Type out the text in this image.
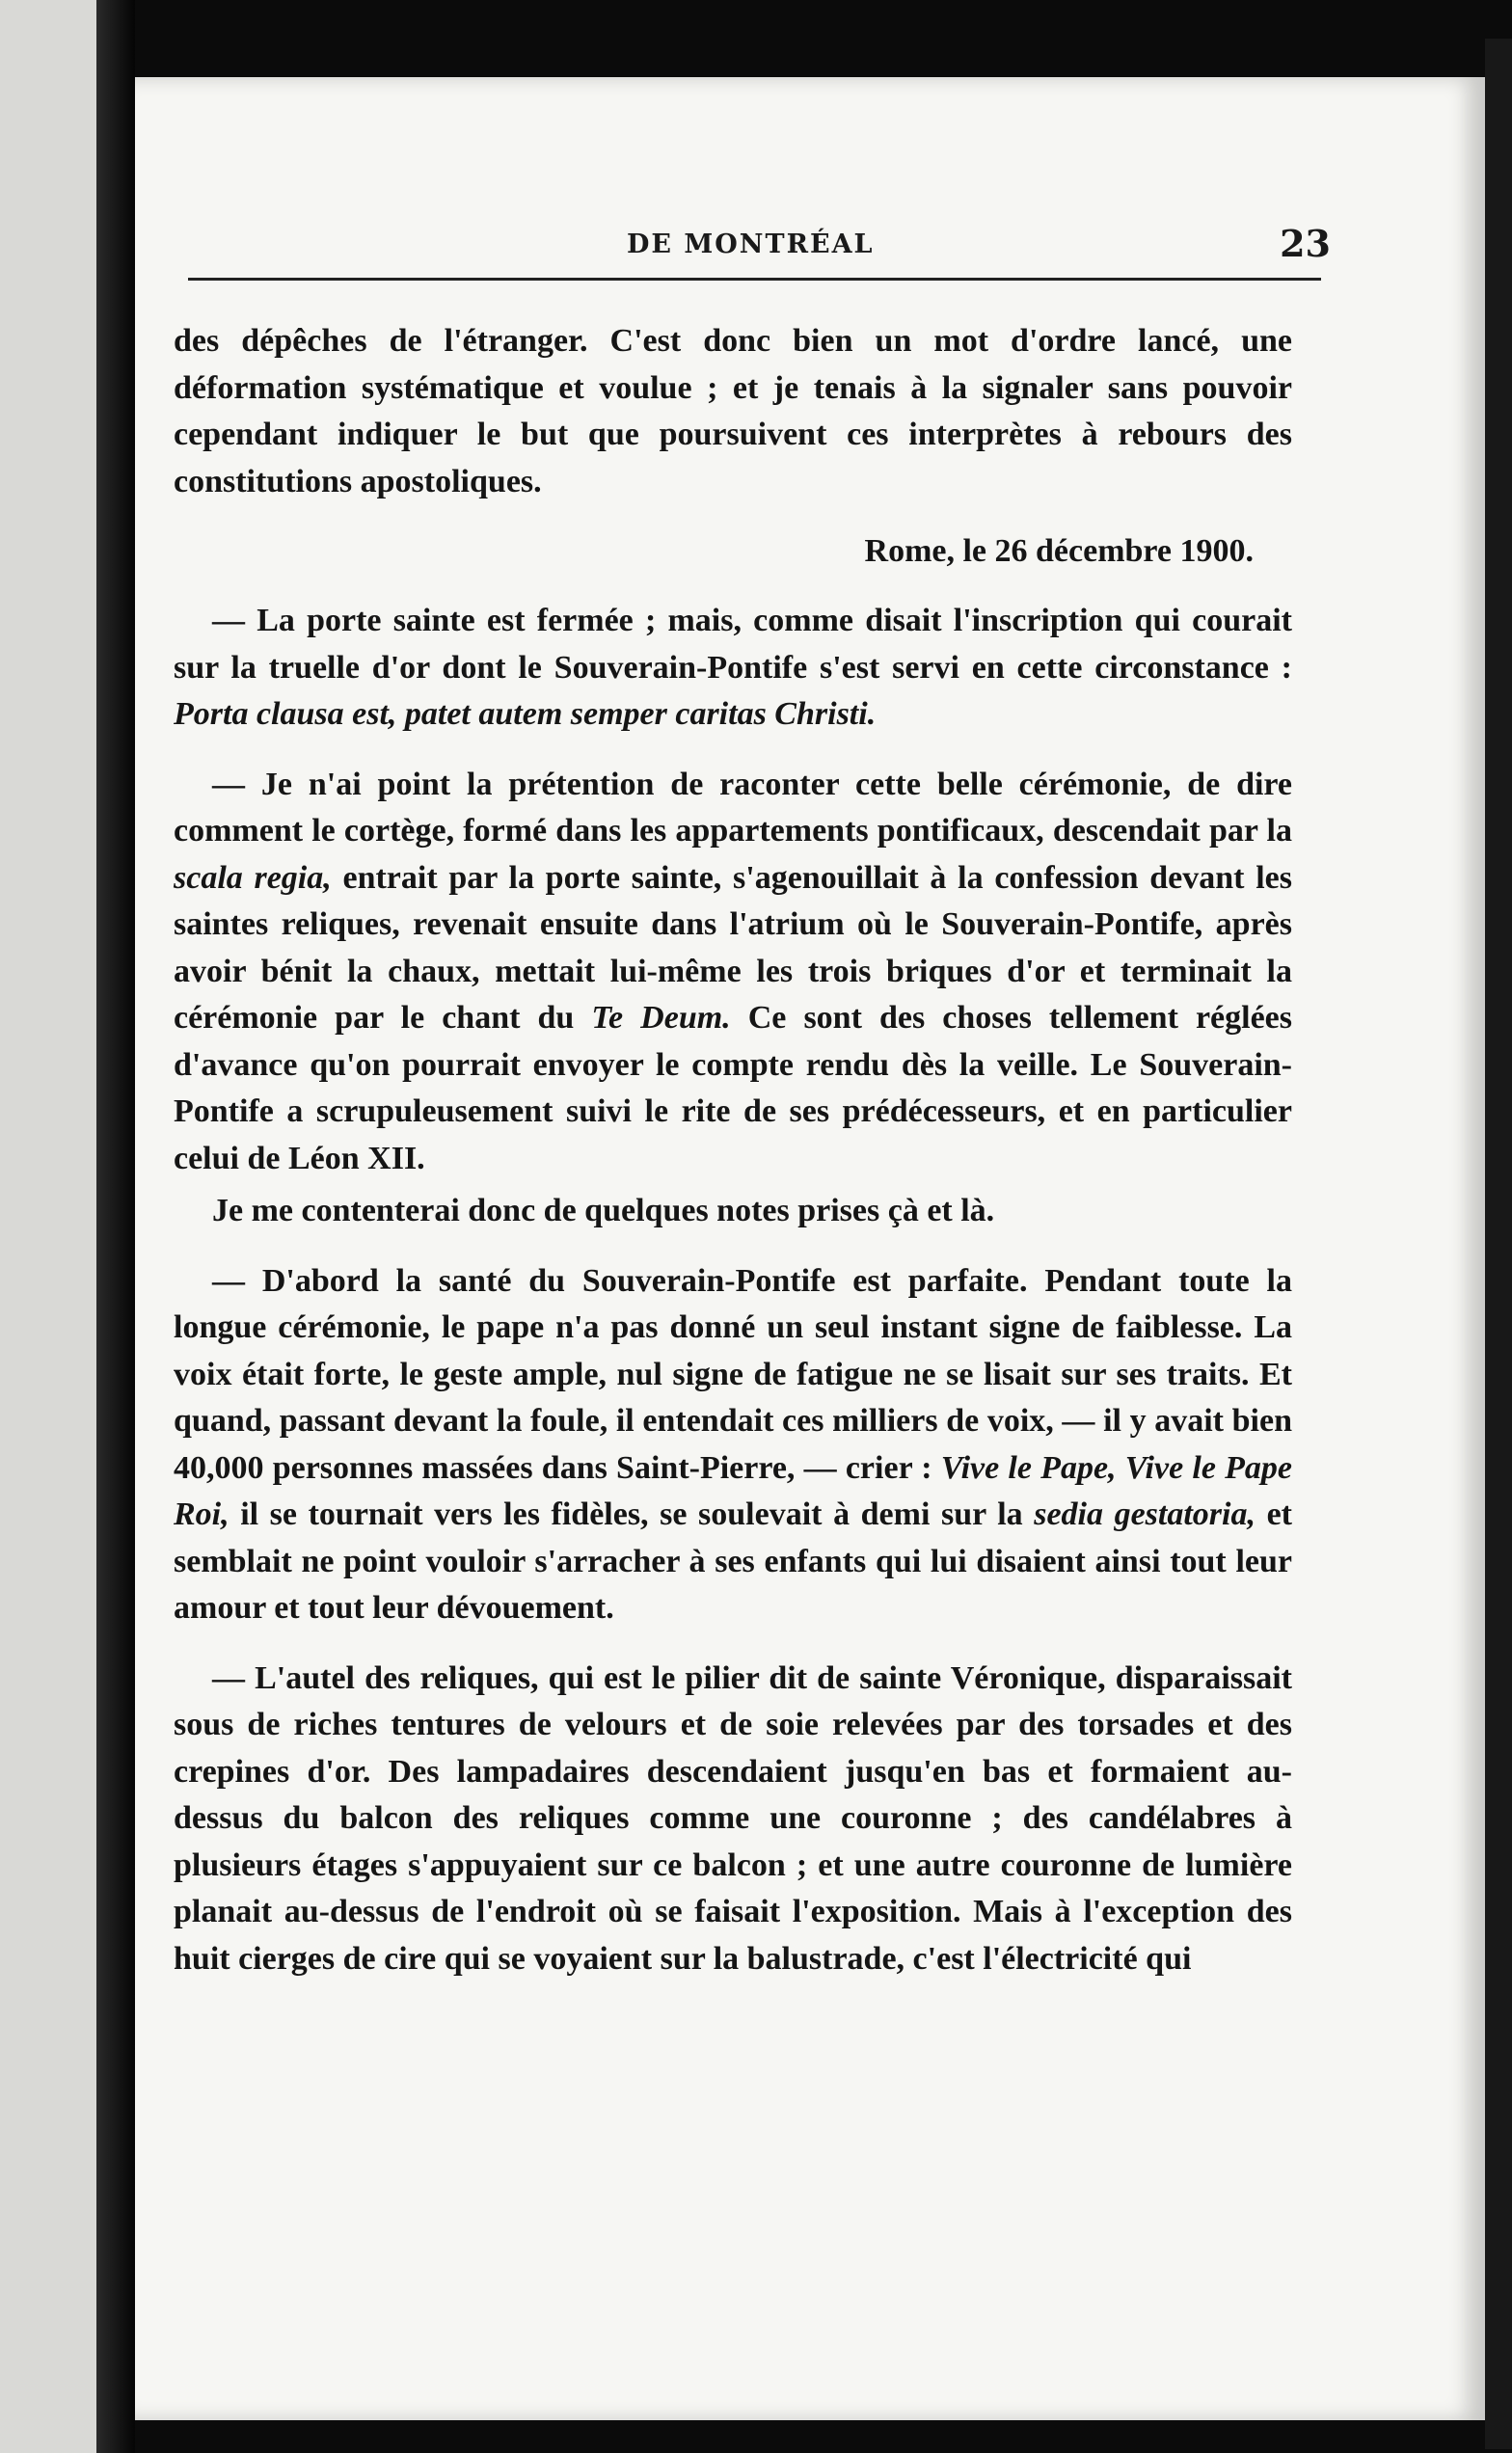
DE MONTRÉAL	23

des dépêches de l'étranger. C'est donc bien un mot d'ordre lancé, une déformation systématique et voulue ; et je tenais à la signaler sans pouvoir cependant indiquer le but que poursuivent ces interprètes à rebours des constitutions apostoliques.

Rome, le 26 décembre 1900.

— La porte sainte est fermée ; mais, comme disait l'inscription qui courait sur la truelle d'or dont le Souverain-Pontife s'est servi en cette circonstance : Porta clausa est, patet autem semper caritas Christi.

— Je n'ai point la prétention de raconter cette belle cérémonie, de dire comment le cortège, formé dans les appartements pontificaux, descendait par la scala regia, entrait par la porte sainte, s'agenouillait à la confession devant les saintes reliques, revenait ensuite dans l'atrium où le Souverain-Pontife, après avoir bénit la chaux, mettait lui-même les trois briques d'or et terminait la cérémonie par le chant du Te Deum. Ce sont des choses tellement réglées d'avance qu'on pourrait envoyer le compte rendu dès la veille. Le Souverain-Pontife a scrupuleusement suivi le rite de ses prédécesseurs, et en particulier celui de Léon XII.

Je me contenterai donc de quelques notes prises çà et là.

— D'abord la santé du Souverain-Pontife est parfaite. Pendant toute la longue cérémonie, le pape n'a pas donné un seul instant signe de faiblesse. La voix était forte, le geste ample, nul signe de fatigue ne se lisait sur ses traits. Et quand, passant devant la foule, il entendait ces milliers de voix, — il y avait bien 40,000 personnes massées dans Saint-Pierre, — crier : Vive le Pape, Vive le Pape Roi, il se tournait vers les fidèles, se soulevait à demi sur la sedia gestatoria, et semblait ne point vouloir s'arracher à ses enfants qui lui disaient ainsi tout leur amour et tout leur dévouement.

— L'autel des reliques, qui est le pilier dit de sainte Véronique, disparaissait sous de riches tentures de velours et de soie relevées par des torsades et des crepines d'or. Des lampadaires descendaient jusqu'en bas et formaient au-dessus du balcon des reliques comme une couronne ; des candélabres à plusieurs étages s'appuyaient sur ce balcon ; et une autre couronne de lumière planait au-dessus de l'endroit où se faisait l'exposition. Mais à l'exception des huit cierges de cire qui se voyaient sur la balustrade, c'est l'électricité qui
